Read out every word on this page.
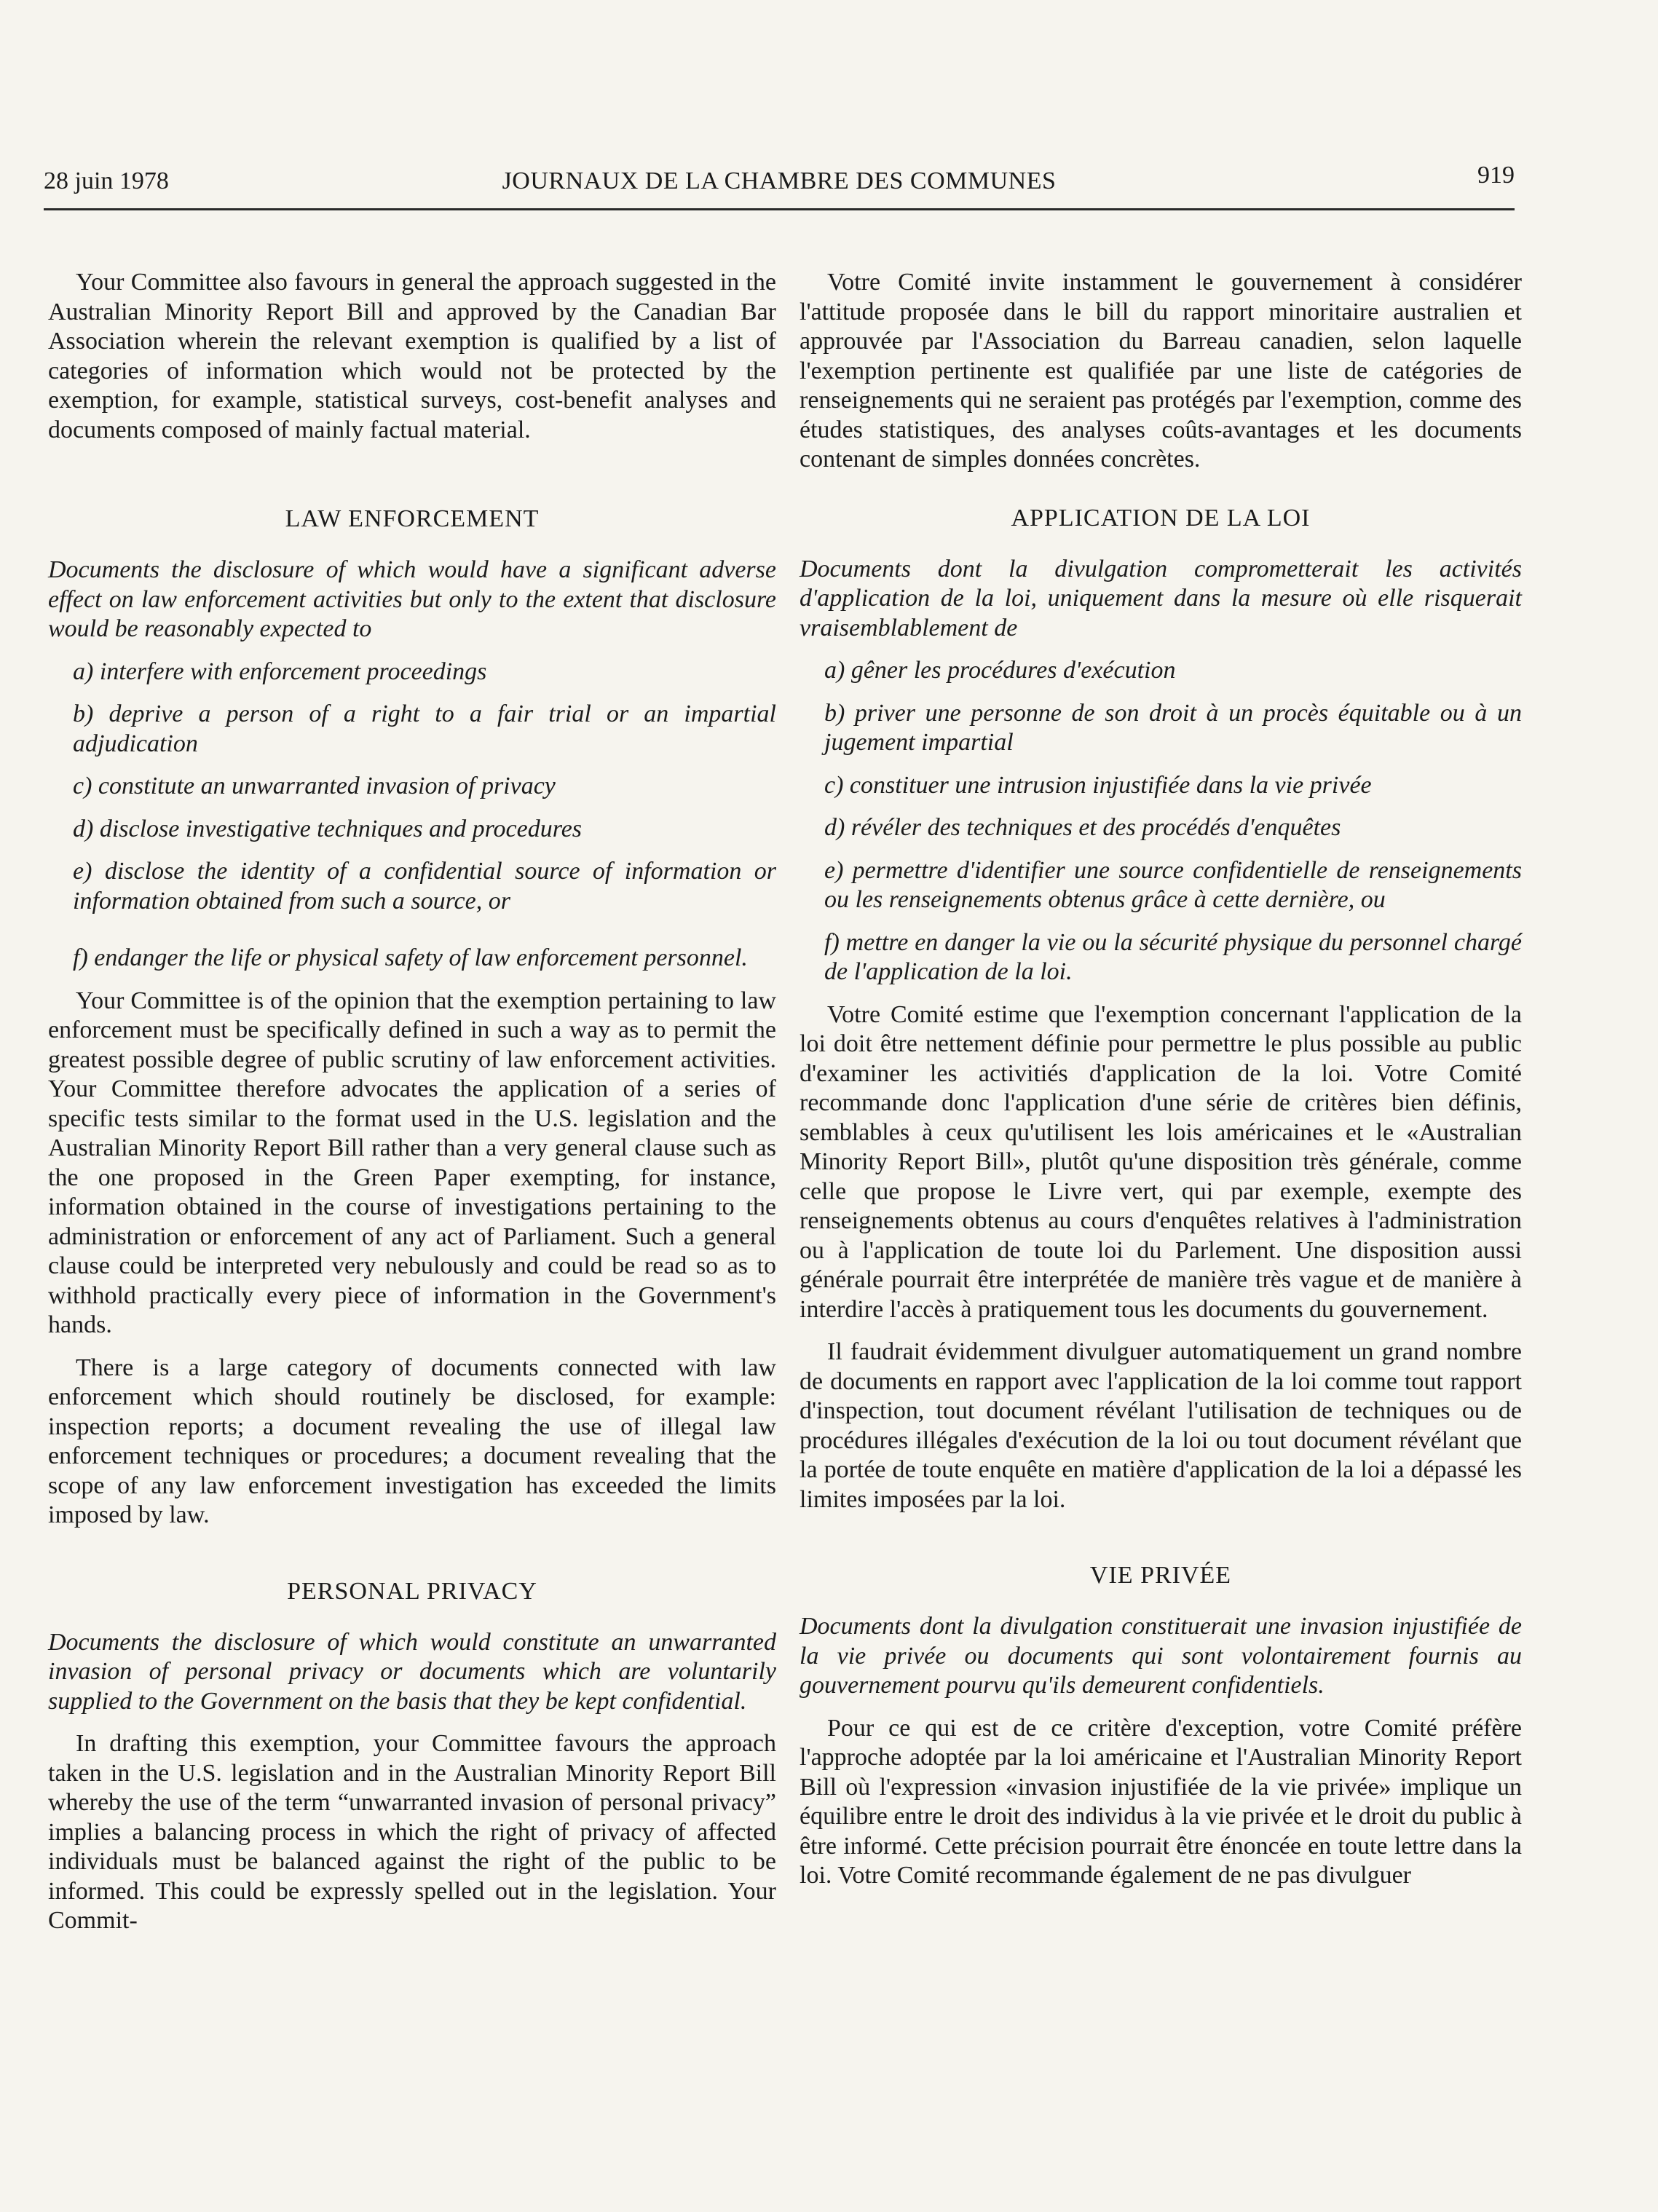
28 juin 1978	JOURNAUX DE LA CHAMBRE DES COMMUNES	919

Your Committee also favours in general the approach suggested in the Australian Minority Report Bill and approved by the Canadian Bar Association wherein the relevant exemption is qualified by a list of categories of information which would not be protected by the exemption, for example, statistical surveys, cost-benefit analyses and documents composed of mainly factual material.

LAW ENFORCEMENT

Documents the disclosure of which would have a significant adverse effect on law enforcement activities but only to the extent that disclosure would be reasonably expected to

a) interfere with enforcement proceedings
b) deprive a person of a right to a fair trial or an impartial adjudication
c) constitute an unwarranted invasion of privacy
d) disclose investigative techniques and procedures
e) disclose the identity of a confidential source of information or information obtained from such a source, or
f) endanger the life or physical safety of law enforcement personnel.

Your Committee is of the opinion that the exemption pertaining to law enforcement must be specifically defined in such a way as to permit the greatest possible degree of public scrutiny of law enforcement activities. Your Committee therefore advocates the application of a series of specific tests similar to the format used in the U.S. legislation and the Australian Minority Report Bill rather than a very general clause such as the one proposed in the Green Paper exempting, for instance, information obtained in the course of investigations pertaining to the administration or enforcement of any act of Parliament. Such a general clause could be interpreted very nebulously and could be read so as to withhold practically every piece of information in the Government's hands.

There is a large category of documents connected with law enforcement which should routinely be disclosed, for example: inspection reports; a document revealing the use of illegal law enforcement techniques or procedures; a document revealing that the scope of any law enforcement investigation has exceeded the limits imposed by law.

PERSONAL PRIVACY

Documents the disclosure of which would constitute an unwarranted invasion of personal privacy or documents which are voluntarily supplied to the Government on the basis that they be kept confidential.

In drafting this exemption, your Committee favours the approach taken in the U.S. legislation and in the Australian Minority Report Bill whereby the use of the term “unwarranted invasion of personal privacy” implies a balancing process in which the right of privacy of affected individuals must be balanced against the right of the public to be informed. This could be expressly spelled out in the legislation. Your Commit-

Votre Comité invite instamment le gouvernement à considérer l'attitude proposée dans le bill du rapport minoritaire australien et approuvée par l'Association du Barreau canadien, selon laquelle l'exemption pertinente est qualifiée par une liste de catégories de renseignements qui ne seraient pas protégés par l'exemption, comme des études statistiques, des analyses coûts-avantages et les documents contenant de simples données concrètes.

APPLICATION DE LA LOI

Documents dont la divulgation comprometterait les activités d'application de la loi, uniquement dans la mesure où elle risquerait vraisemblablement de

a) gêner les procédures d'exécution
b) priver une personne de son droit à un procès équitable ou à un jugement impartial
c) constituer une intrusion injustifiée dans la vie privée
d) révéler des techniques et des procédés d'enquêtes
e) permettre d'identifier une source confidentielle de renseignements ou les renseignements obtenus grâce à cette dernière, ou
f) mettre en danger la vie ou la sécurité physique du personnel chargé de l'application de la loi.

Votre Comité estime que l'exemption concernant l'application de la loi doit être nettement définie pour permettre le plus possible au public d'examiner les activitiés d'application de la loi. Votre Comité recommande donc l'application d'une série de critères bien définis, semblables à ceux qu'utilisent les lois américaines et le «Australian Minority Report Bill», plutôt qu'une disposition très générale, comme celle que propose le Livre vert, qui par exemple, exempte des renseignements obtenus au cours d'enquêtes relatives à l'administration ou à l'application de toute loi du Parlement. Une disposition aussi générale pourrait être interprétée de manière très vague et de manière à interdire l'accès à pratiquement tous les documents du gouvernement.

Il faudrait évidemment divulguer automatiquement un grand nombre de documents en rapport avec l'application de la loi comme tout rapport d'inspection, tout document révélant l'utilisation de techniques ou de procédures illégales d'exécution de la loi ou tout document révélant que la portée de toute enquête en matière d'application de la loi a dépassé les limites imposées par la loi.

VIE PRIVÉE

Documents dont la divulgation constituerait une invasion injustifiée de la vie privée ou documents qui sont volontairement fournis au gouvernement pourvu qu'ils demeurent confidentiels.

Pour ce qui est de ce critère d'exception, votre Comité préfère l'approche adoptée par la loi américaine et l'Australian Minority Report Bill où l'expression «invasion injustifiée de la vie privée» implique un équilibre entre le droit des individus à la vie privée et le droit du public à être informé. Cette précision pourrait être énoncée en toute lettre dans la loi. Votre Comité recommande également de ne pas divulguer
